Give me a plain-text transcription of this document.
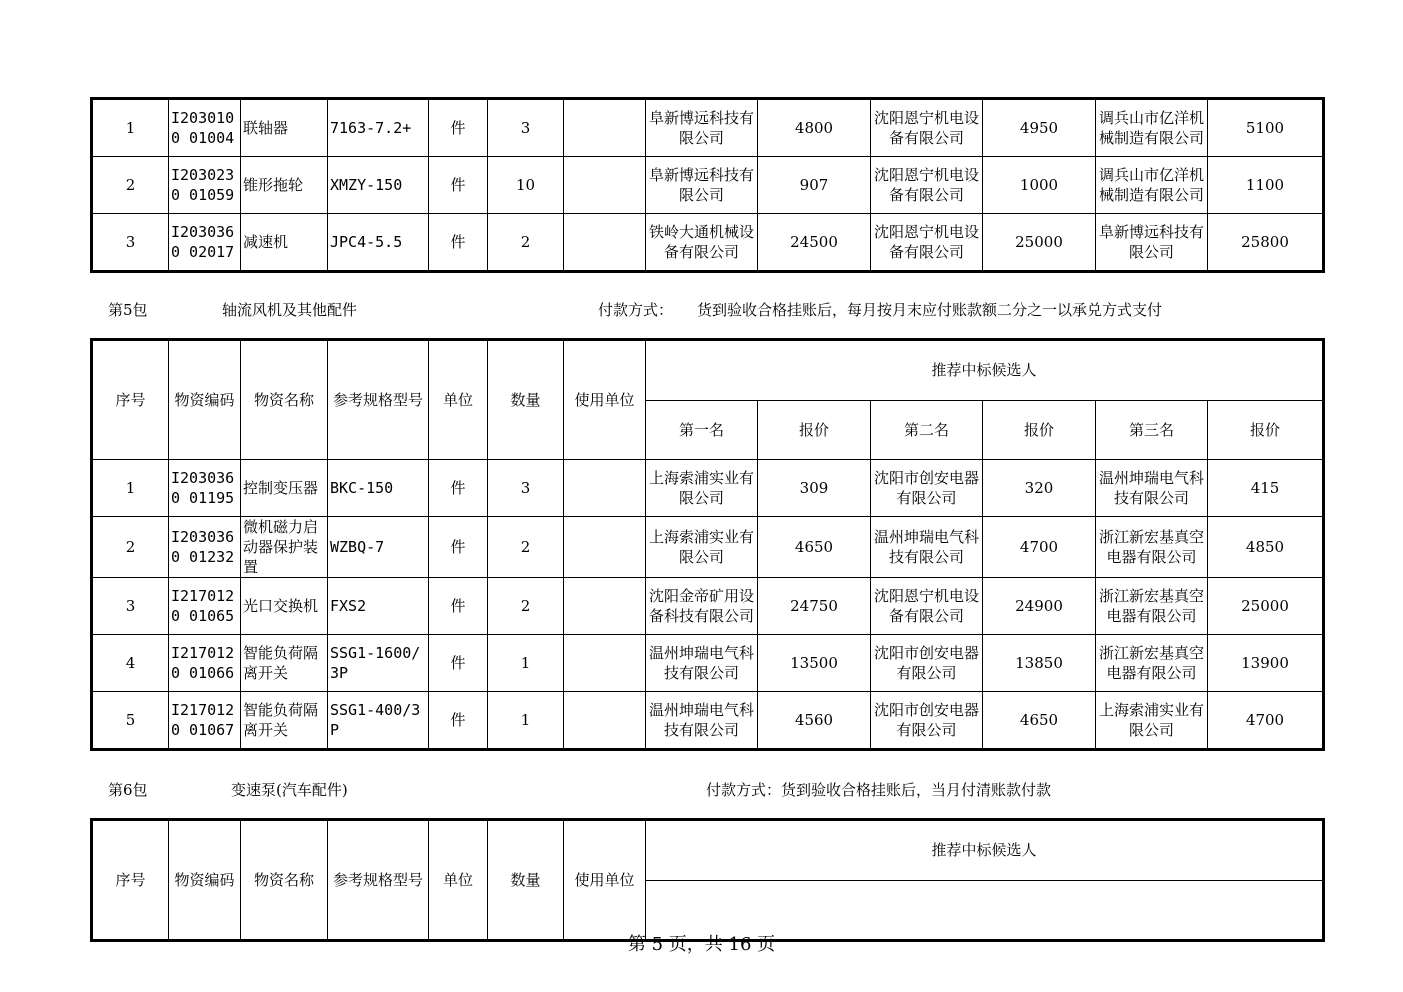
1	I2030100 01004	联轴器	7163-7.2+	件	3		阜新博远科技有限公司	4800	沈阳恩宁机电设备有限公司	4950	调兵山市亿洋机械制造有限公司	5100
2	I2030230 01059	锥形拖轮	XMZY-150	件	10		阜新博远科技有限公司	907	沈阳恩宁机电设备有限公司	1000	调兵山市亿洋机械制造有限公司	1100
3	I2030360 02017	减速机	JPC4-5.5	件	2		铁岭大通机械设备有限公司	24500	沈阳恩宁机电设备有限公司	25000	阜新博远科技有限公司	25800
第5包	轴流风机及其他配件	付款方式： 货到验收合格挂账后，每月按月末应付账款额二分之一以承兑方式支付
序号	物资编码	物资名称	参考规格型号	单位	数量	使用单位	推荐中标候选人					
							第一名	报价	第二名	报价	第三名	报价
1	I2030360 01195	控制变压器	BKC-150	件	3		上海索浦实业有限公司	309	沈阳市创安电器有限公司	320	温州坤瑞电气科技有限公司	415
2	I2030360 01232	微机磁力启动器保护装置	WZBQ-7	件	2		上海索浦实业有限公司	4650	温州坤瑞电气科技有限公司	4700	浙江新宏基真空电器有限公司	4850
3	I2170120 01065	光口交换机	FXS2	件	2		沈阳金帝矿用设备科技有限公司	24750	沈阳恩宁机电设备有限公司	24900	浙江新宏基真空电器有限公司	25000
4	I2170120 01066	智能负荷隔离开关	SSG1-1600/3P	件	1		温州坤瑞电气科技有限公司	13500	沈阳市创安电器有限公司	13850	浙江新宏基真空电器有限公司	13900
5	I2170120 01067	智能负荷隔离开关	SSG1-400/3P	件	1		温州坤瑞电气科技有限公司	4560	沈阳市创安电器有限公司	4650	上海索浦实业有限公司	4700
第6包	变速泵(汽车配件)	付款方式：货到验收合格挂账后，当月付清账款付款
序号	物资编码	物资名称	参考规格型号	单位	数量	使用单位	推荐中标候选人

第 5 页，共 16 页
